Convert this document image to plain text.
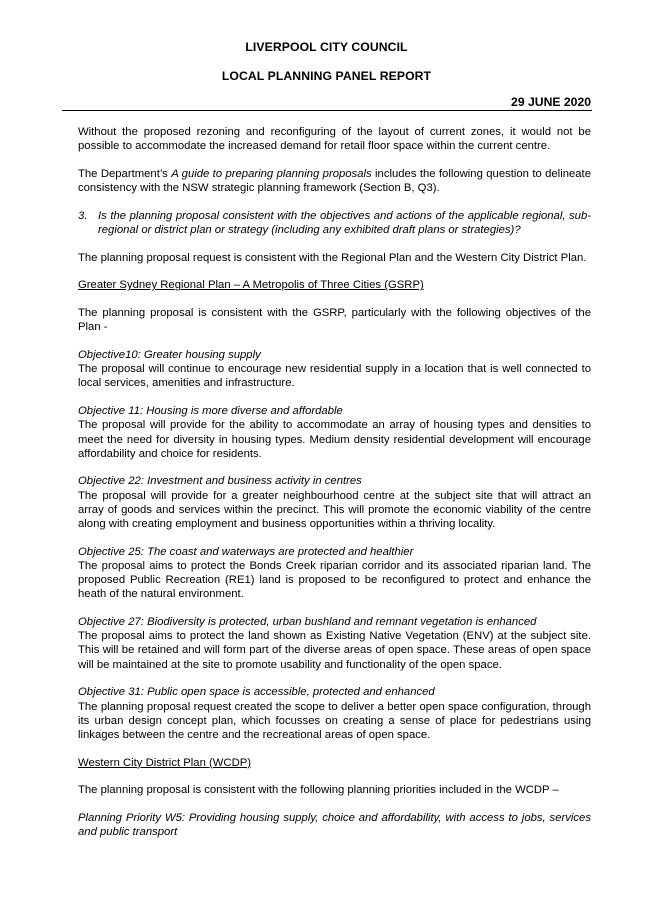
LIVERPOOL CITY COUNCIL
LOCAL PLANNING PANEL REPORT
29 JUNE 2020

Without the proposed rezoning and reconfiguring of the layout of current zones, it would not be possible to accommodate the increased demand for retail floor space within the current centre.

The Department’s A guide to preparing planning proposals includes the following question to delineate consistency with the NSW strategic planning framework (Section B, Q3).

3. Is the planning proposal consistent with the objectives and actions of the applicable regional, sub-regional or district plan or strategy (including any exhibited draft plans or strategies)?

The planning proposal request is consistent with the Regional Plan and the Western City District Plan.

Greater Sydney Regional Plan – A Metropolis of Three Cities (GSRP)

The planning proposal is consistent with the GSRP, particularly with the following objectives of the Plan -

Objective10: Greater housing supply
The proposal will continue to encourage new residential supply in a location that is well connected to local services, amenities and infrastructure.
Objective 11: Housing is more diverse and affordable
The proposal will provide for the ability to accommodate an array of housing types and densities to meet the need for diversity in housing types. Medium density residential development will encourage affordability and choice for residents.
Objective 22: Investment and business activity in centres
The proposal will provide for a greater neighbourhood centre at the subject site that will attract an array of goods and services within the precinct. This will promote the economic viability of the centre along with creating employment and business opportunities within a thriving locality.
Objective 25: The coast and waterways are protected and healthier
The proposal aims to protect the Bonds Creek riparian corridor and its associated riparian land. The proposed Public Recreation (RE1) land is proposed to be reconfigured to protect and enhance the heath of the natural environment.
Objective 27: Biodiversity is protected, urban bushland and remnant vegetation is enhanced
The proposal aims to protect the land shown as Existing Native Vegetation (ENV) at the subject site. This will be retained and will form part of the diverse areas of open space. These areas of open space will be maintained at the site to promote usability and functionality of the open space.
Objective 31: Public open space is accessible, protected and enhanced
The planning proposal request created the scope to deliver a better open space configuration, through its urban design concept plan, which focusses on creating a sense of place for pedestrians using linkages between the centre and the recreational areas of open space.

Western City District Plan (WCDP)

The planning proposal is consistent with the following planning priorities included in the WCDP –

Planning Priority W5: Providing housing supply, choice and affordability, with access to jobs, services and public transport
